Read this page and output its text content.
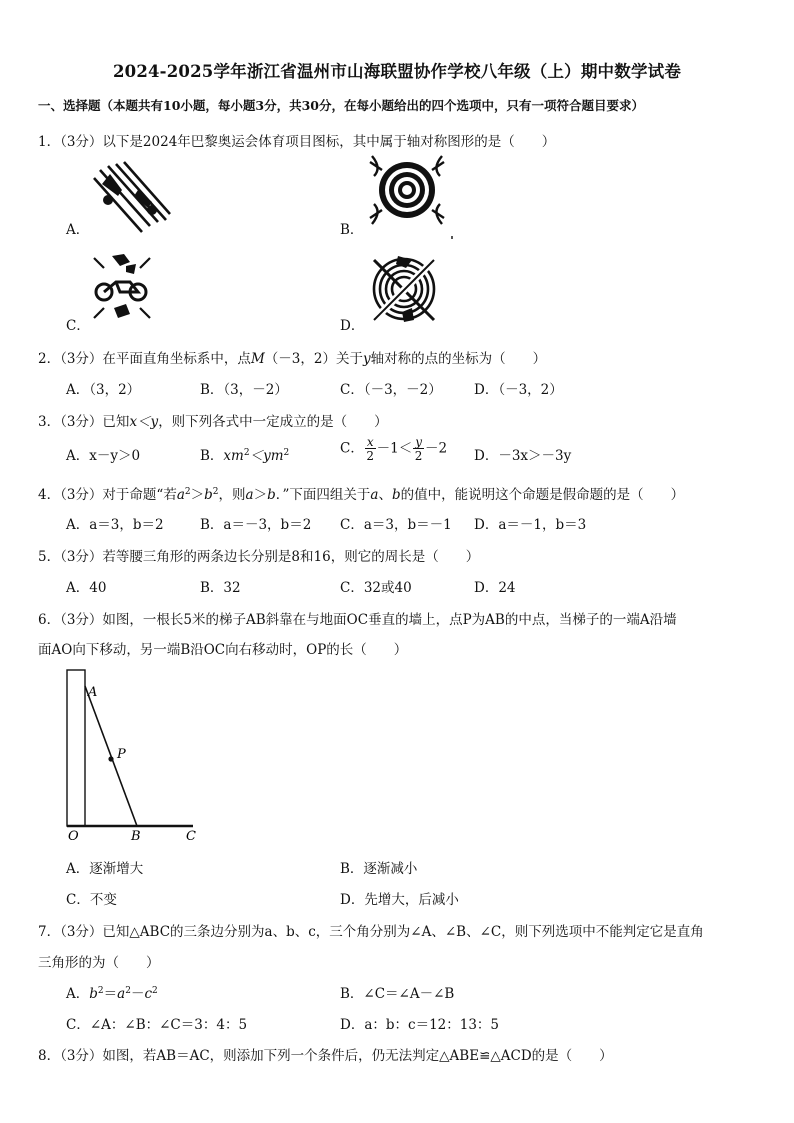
2024-2025学年浙江省温州市山海联盟协作学校八年级（上）期中数学试卷
一、选择题（本题共有10小题，每小题3分，共30分，在每小题给出的四个选项中，只有一项符合题目要求）
1．（3分）以下是2024年巴黎奥运会体育项目图标，其中属于轴对称图形的是（　　）
A．	B．
C．	D．
2．（3分）在平面直角坐标系中，点M（－3，2）关于y轴对称的点的坐标为（　　）
A．（3，2）	B．（3，－2）	C．（－3，－2） D．（－3，2）
3．（3分）已知x＜y，则下列各式中一定成立的是（　　）
A．x－y＞0	B．$xm^2<ym^2$	C． $\frac{x}{2} -1< \frac{y}{2} -2$ D．－3x＞－3y
4．（3分）对于命题“若$a^2>b^2$，则a＞b．”下面四组关于a、b的值中，能说明这个命题是假命题的是（　　）
A．a＝3，b＝2	B．a＝－3，b＝2 C．a＝3，b＝－1 D．a＝－1，b＝3
5．（3分）若等腰三角形的两条边长分别是8和16，则它的周长是（　　）
A．40	B．32	C．32或40	D．24
6．（3分）如图，一根长5米的梯子AB斜靠在与地面OC垂直的墙上，点P为AB的中点，当梯子的一端A沿墙
面AO向下移动，另一端B沿OC向右移动时，OP的长（　　）
A
P
O	B	C
A．逐渐增大	B．逐渐减小
C．不变	D．先增大，后减小
7．（3分）已知△ABC的三条边分别为a、b、c，三个角分别为∠A、∠B、∠C，则下列选项中不能判定它是直角
三角形的为（　　）
A．$b^2=a^2-c^2$	B．∠C＝∠A－∠B
C．∠A：∠B：∠C＝3：4：5	D．a：b：c＝12：13：5
8．（3分）如图，若AB＝AC，则添加下列一个条件后，仍无法判定△ABE≌△ACD的是（　　）
